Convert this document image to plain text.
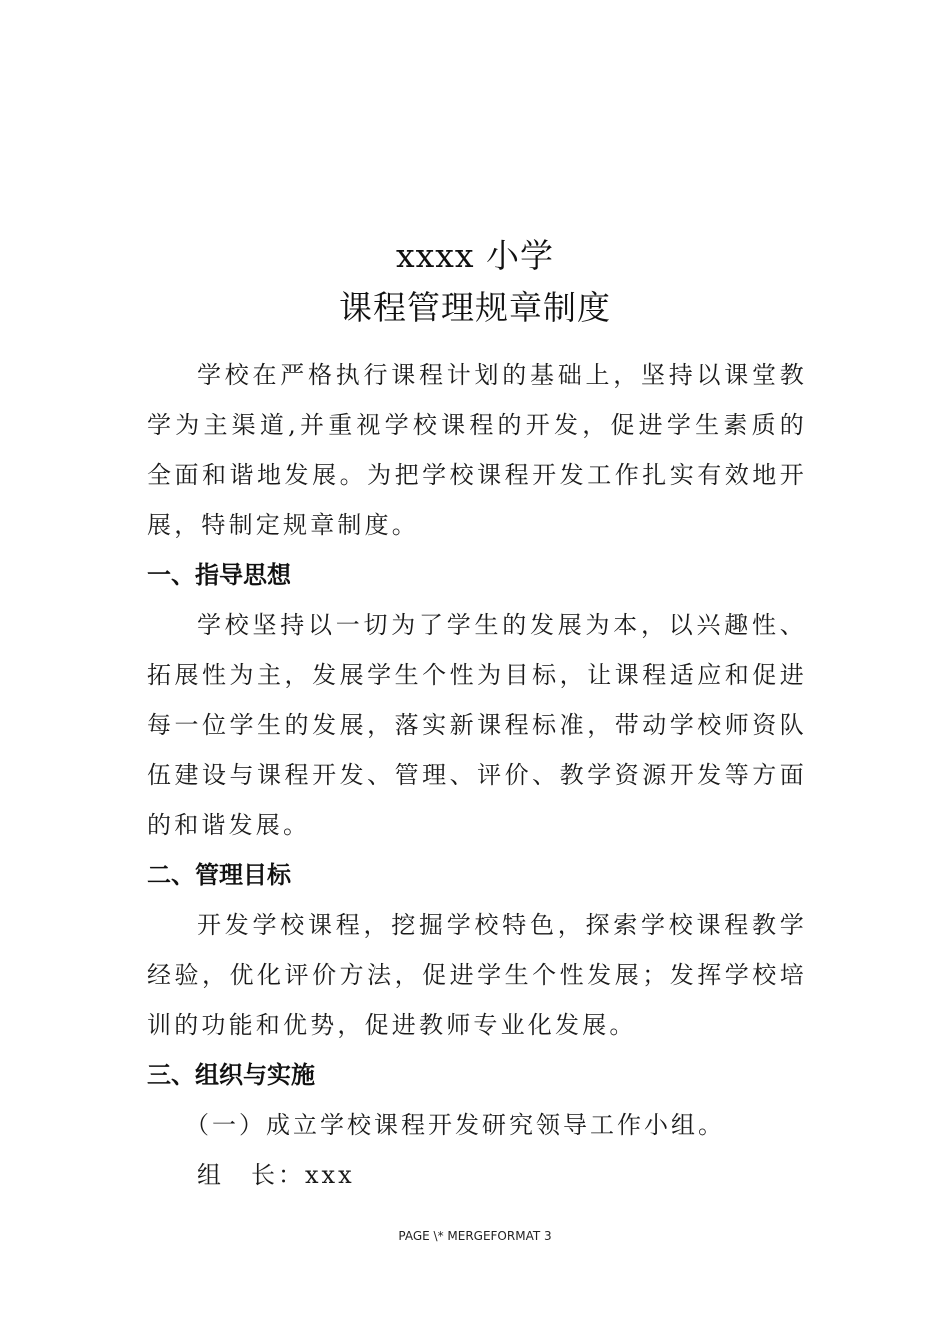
xxxx 小学
课程管理规章制度

学校在严格执行课程计划的基础上，坚持以课堂教学为主渠道,并重视学校课程的开发，促进学生素质的全面和谐地发展。为把学校课程开发工作扎实有效地开展，特制定规章制度。

一、指导思想

学校坚持以一切为了学生的发展为本，以兴趣性、拓展性为主，发展学生个性为目标，让课程适应和促进每一位学生的发展，落实新课程标准，带动学校师资队伍建设与课程开发、管理、评价、教学资源开发等方面的和谐发展。

二、管理目标

开发学校课程，挖掘学校特色，探索学校课程教学经验，优化评价方法，促进学生个性发展；发挥学校培训的功能和优势，促进教师专业化发展。

三、组织与实施

（一）成立学校课程开发研究领导工作小组。

组　长：xxx

PAGE \* MERGEFORMAT 3
